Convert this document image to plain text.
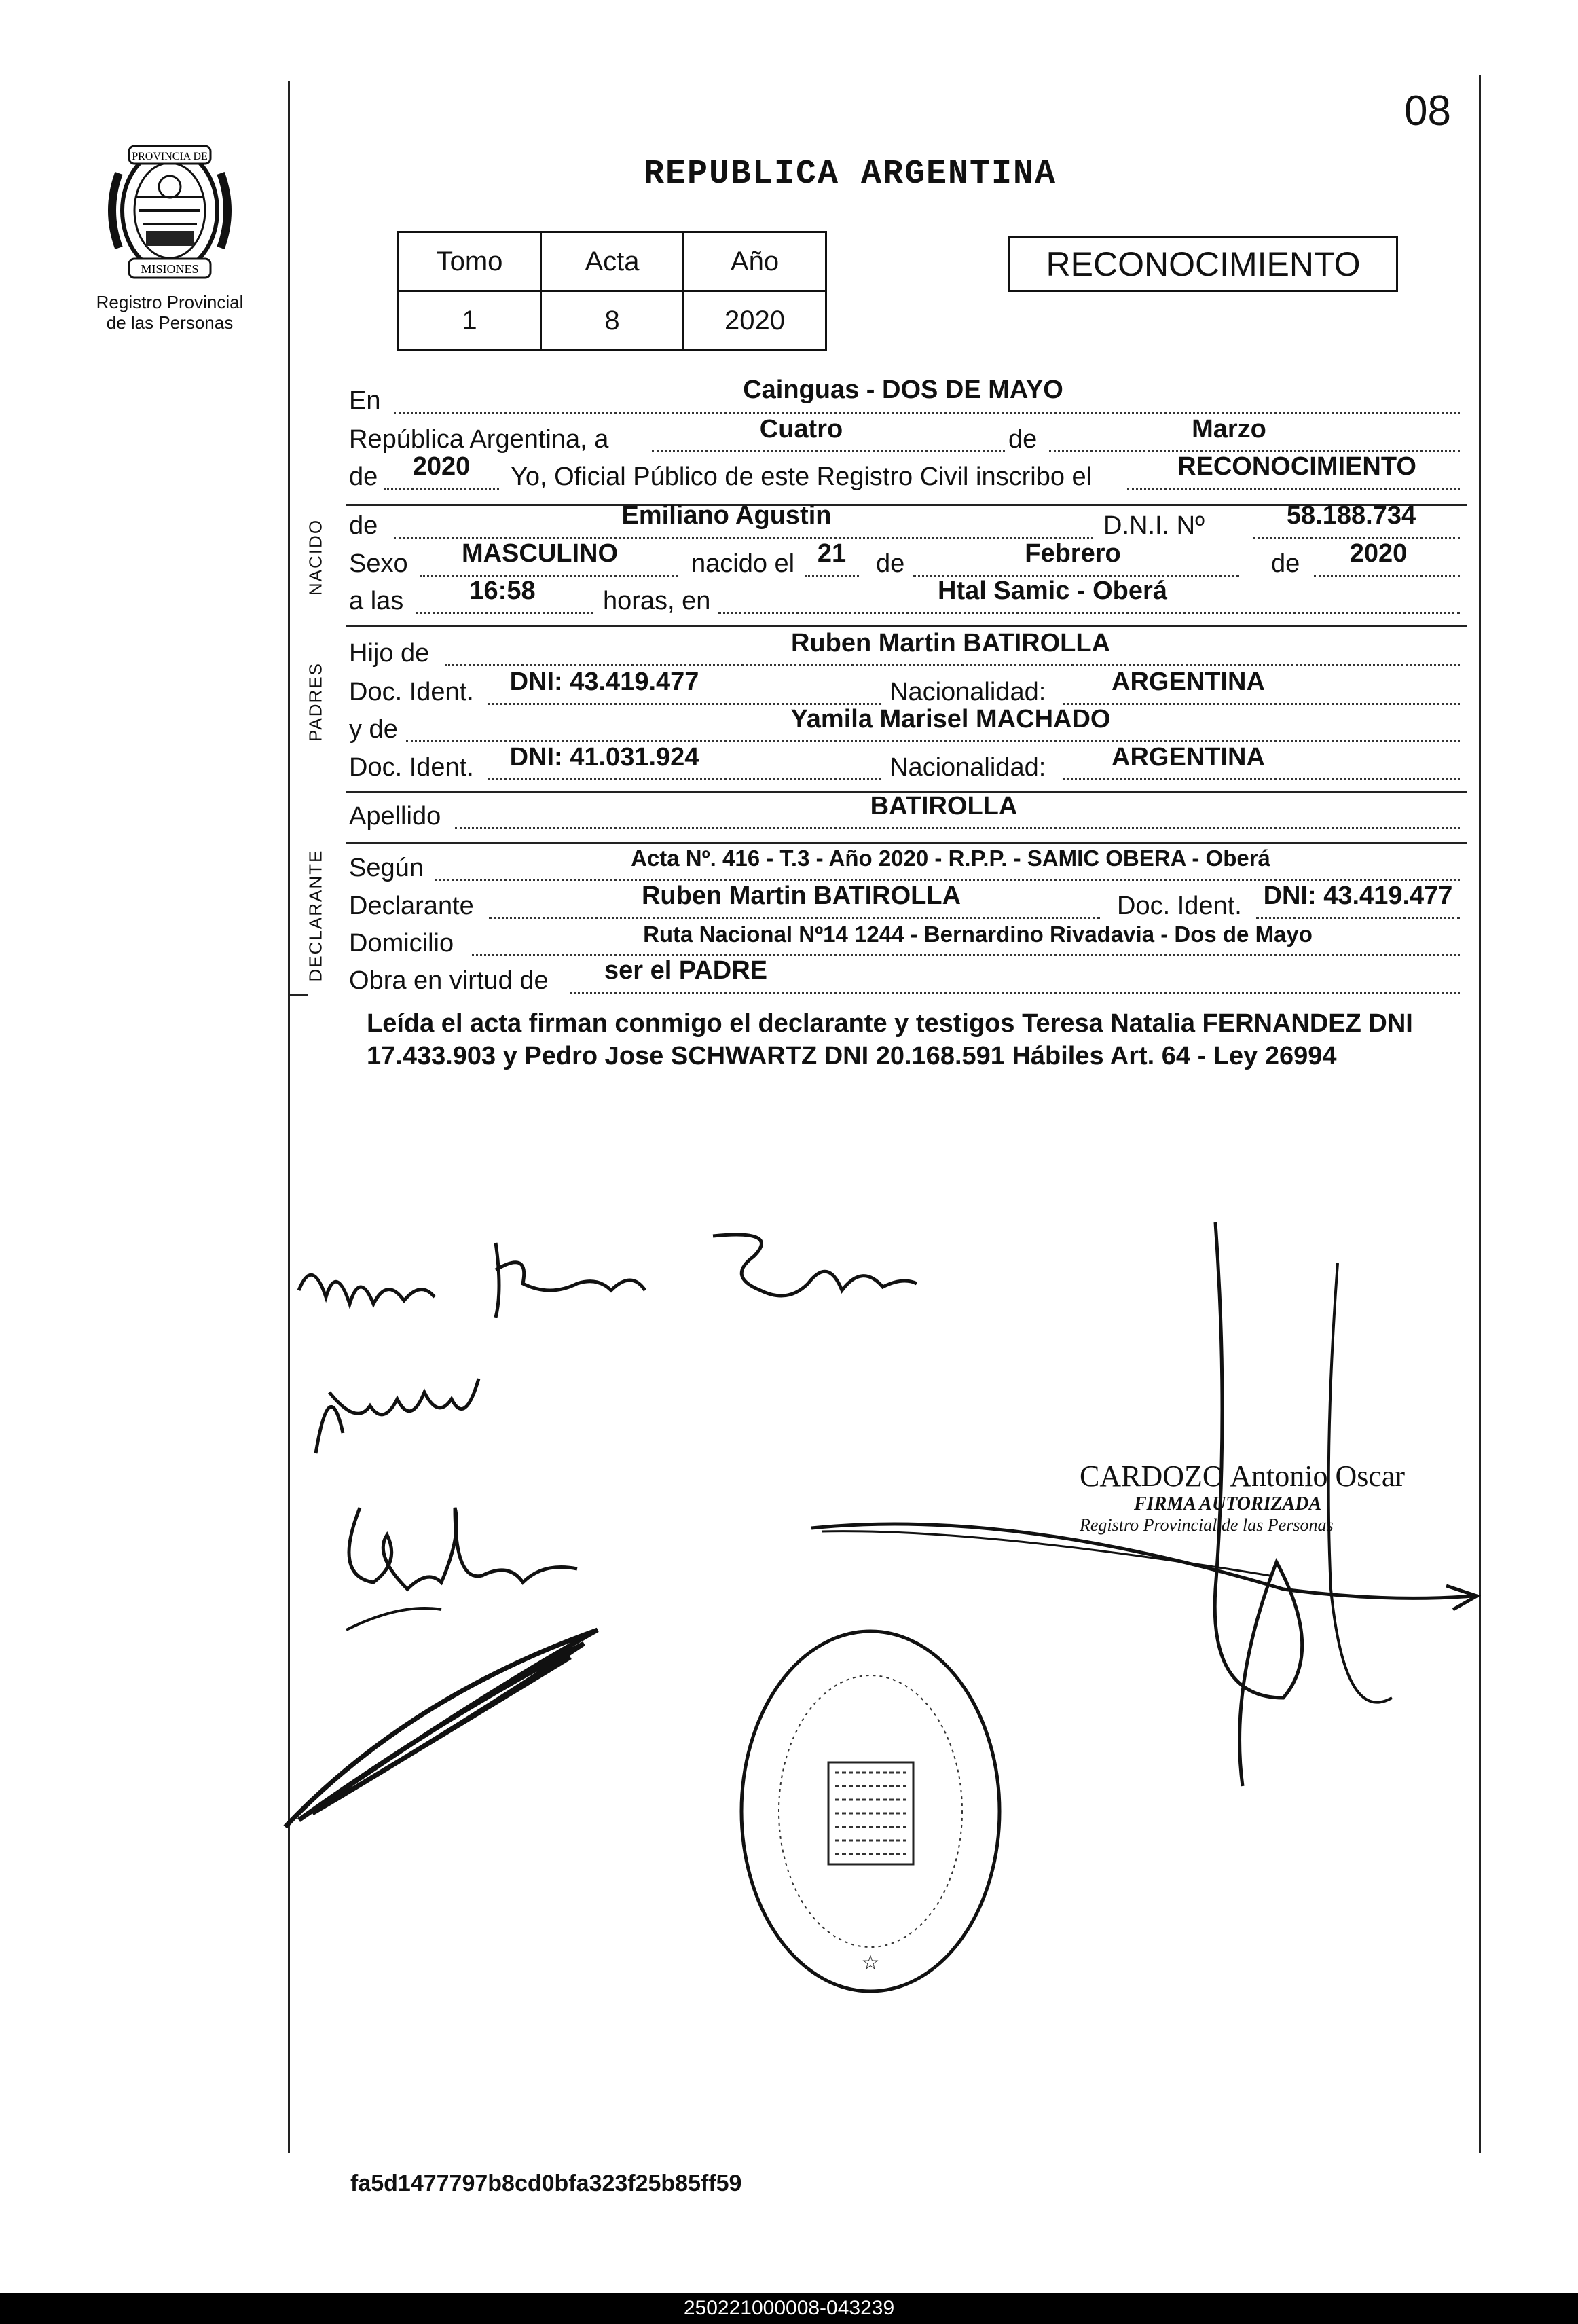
08
PROVINCIA DE
MISIONES
Registro Provincial
de las Personas
REPUBLICA ARGENTINA
Tomo	Acta	Año
1	8	2020
RECONOCIMIENTO
En	Cainguas - DOS DE MAYO
República Argentina, a	Cuatro	de	Marzo
de	2020	Yo, Oficial Público de este Registro Civil inscribo el	RECONOCIMIENTO
NACIDO de	Emiliano Agustin	D.N.I. Nº	58.188.734
Sexo	MASCULINO	nacido el 21	de	Febrero	de	2020
a las	16:58	horas, en	Htal Samic - Oberá
PADRES
Hijo de	Ruben Martin BATIROLLA
Doc. Ident.	DNI: 43.419.477	Nacionalidad:	ARGENTINA
y de	Yamila Marisel MACHADO
Doc. Ident.	DNI: 41.031.924	Nacionalidad:	ARGENTINA
Apellido	BATIROLLA
DECLARANTE Según	Acta Nº. 416 - T.3 - Año 2020 - R.P.P. - SAMIC OBERA - Oberá
Declarante	Ruben Martin BATIROLLA	Doc. Ident. DNI: 43.419.477
Domicilio	Ruta Nacional Nº14 1244 - Bernardino Rivadavia - Dos de Mayo
Obra en virtud de	ser el PADRE
Leída el acta firman conmigo el declarante y testigos Teresa Natalia FERNANDEZ DNI 17.433.903 y Pedro Jose SCHWARTZ DNI 20.168.591 Hábiles Art. 64 - Ley 26994
CARDOZO Antonio Oscar
FIRMA AUTORIZADA
Registro Provincial de las Personas
☆
fa5d1477797b8cd0bfa323f25b85ff59
250221000008-043239
